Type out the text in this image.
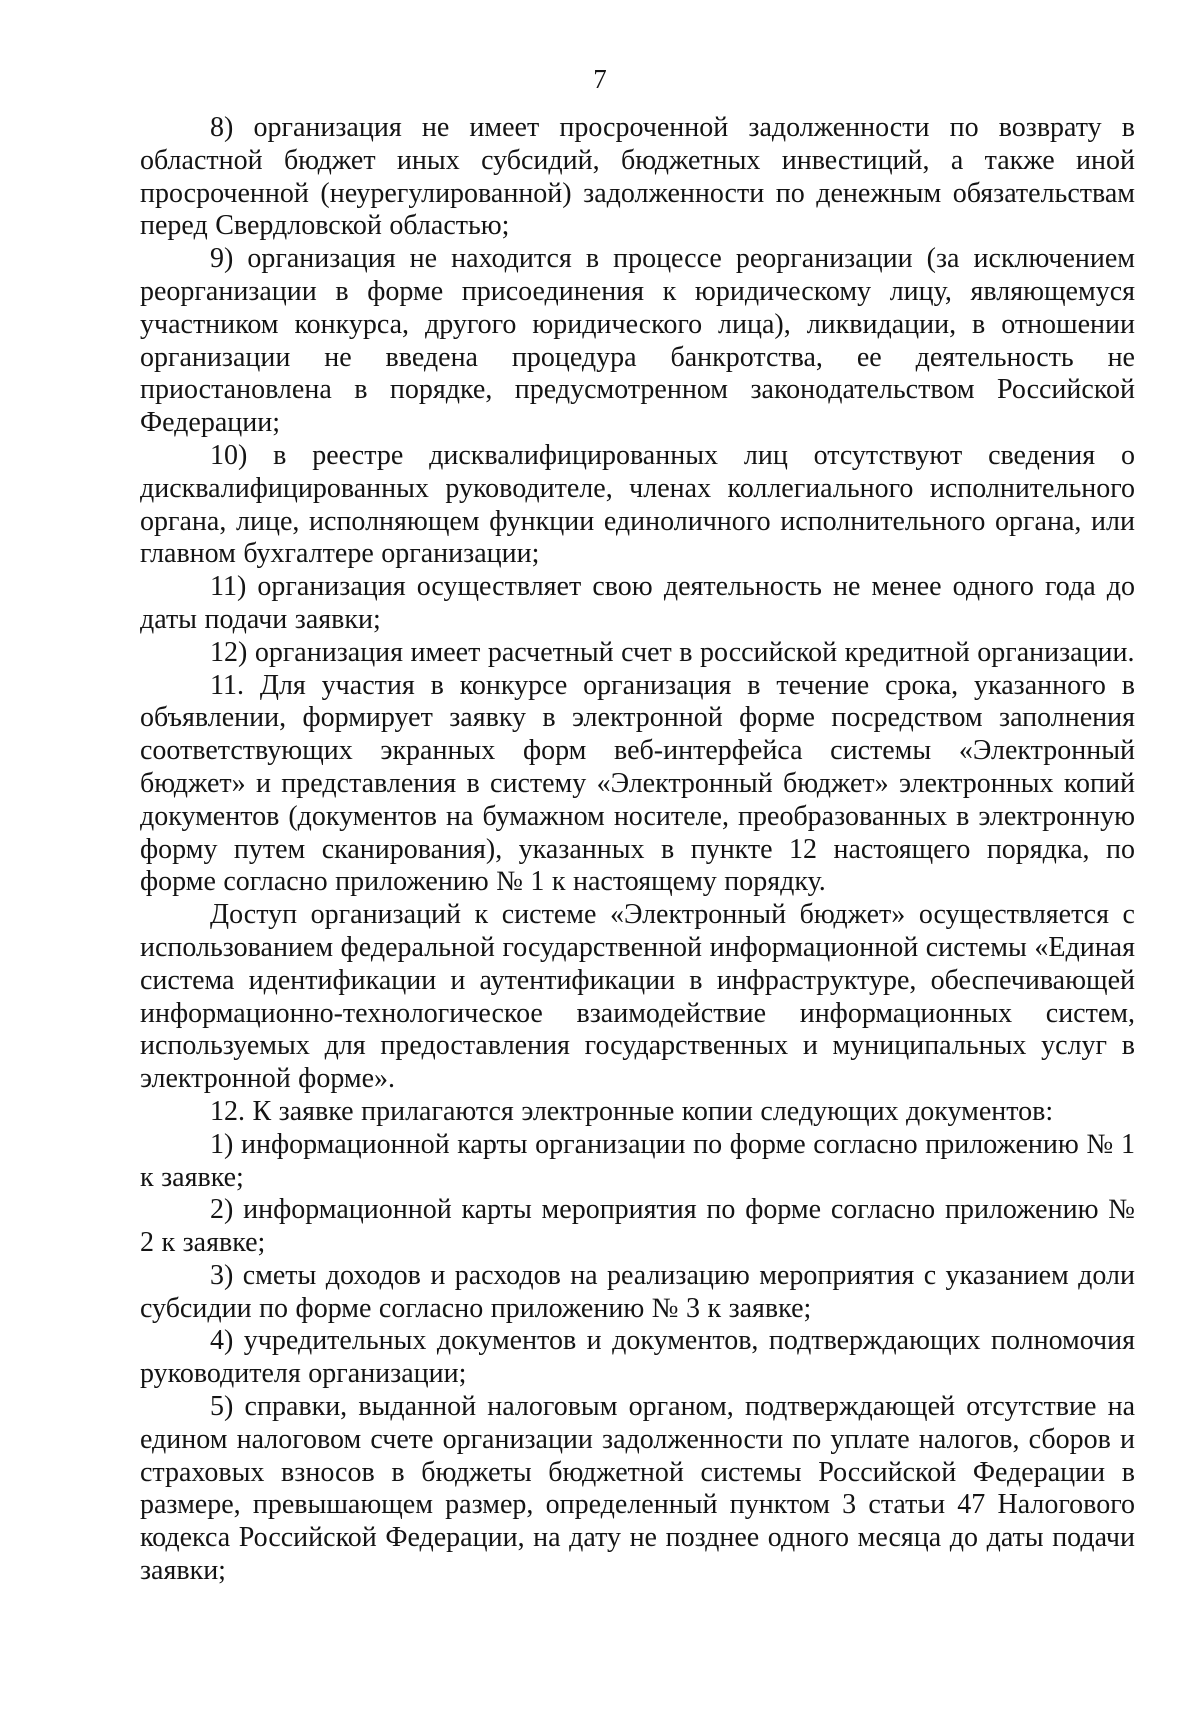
7

8) организация не имеет просроченной задолженности по возврату в областной бюджет иных субсидий, бюджетных инвестиций, а также иной просроченной (неурегулированной) задолженности по денежным обязательствам перед Свердловской областью;

9) организация не находится в процессе реорганизации (за исключением реорганизации в форме присоединения к юридическому лицу, являющемуся участником конкурса, другого юридического лица), ликвидации, в отношении организации не введена процедура банкротства, ее деятельность не приостановлена в порядке, предусмотренном законодательством Российской Федерации;

10) в реестре дисквалифицированных лиц отсутствуют сведения о дисквалифицированных руководителе, членах коллегиального исполнительного органа, лице, исполняющем функции единоличного исполнительного органа, или главном бухгалтере организации;

11) организация осуществляет свою деятельность не менее одного года до даты подачи заявки;

12) организация имеет расчетный счет в российской кредитной организации.

11. Для участия в конкурсе организация в течение срока, указанного в объявлении, формирует заявку в электронной форме посредством заполнения соответствующих экранных форм веб-интерфейса системы «Электронный бюджет» и представления в систему «Электронный бюджет» электронных копий документов (документов на бумажном носителе, преобразованных в электронную форму путем сканирования), указанных в пункте 12 настоящего порядка, по форме согласно приложению № 1 к настоящему порядку.

Доступ организаций к системе «Электронный бюджет» осуществляется с использованием федеральной государственной информационной системы «Единая система идентификации и аутентификации в инфраструктуре, обеспечивающей информационно-технологическое взаимодействие информационных систем, используемых для предоставления государственных и муниципальных услуг в электронной форме».

12. К заявке прилагаются электронные копии следующих документов:

1) информационной карты организации по форме согласно приложению № 1 к заявке;

2) информационной карты мероприятия по форме согласно приложению № 2 к заявке;

3) сметы доходов и расходов на реализацию мероприятия с указанием доли субсидии по форме согласно приложению № 3 к заявке;

4) учредительных документов и документов, подтверждающих полномочия руководителя организации;

5) справки, выданной налоговым органом, подтверждающей отсутствие на едином налоговом счете организации задолженности по уплате налогов, сборов и страховых взносов в бюджеты бюджетной системы Российской Федерации в размере, превышающем размер, определенный пунктом 3 статьи 47 Налогового кодекса Российской Федерации, на дату не позднее одного месяца до даты подачи заявки;
